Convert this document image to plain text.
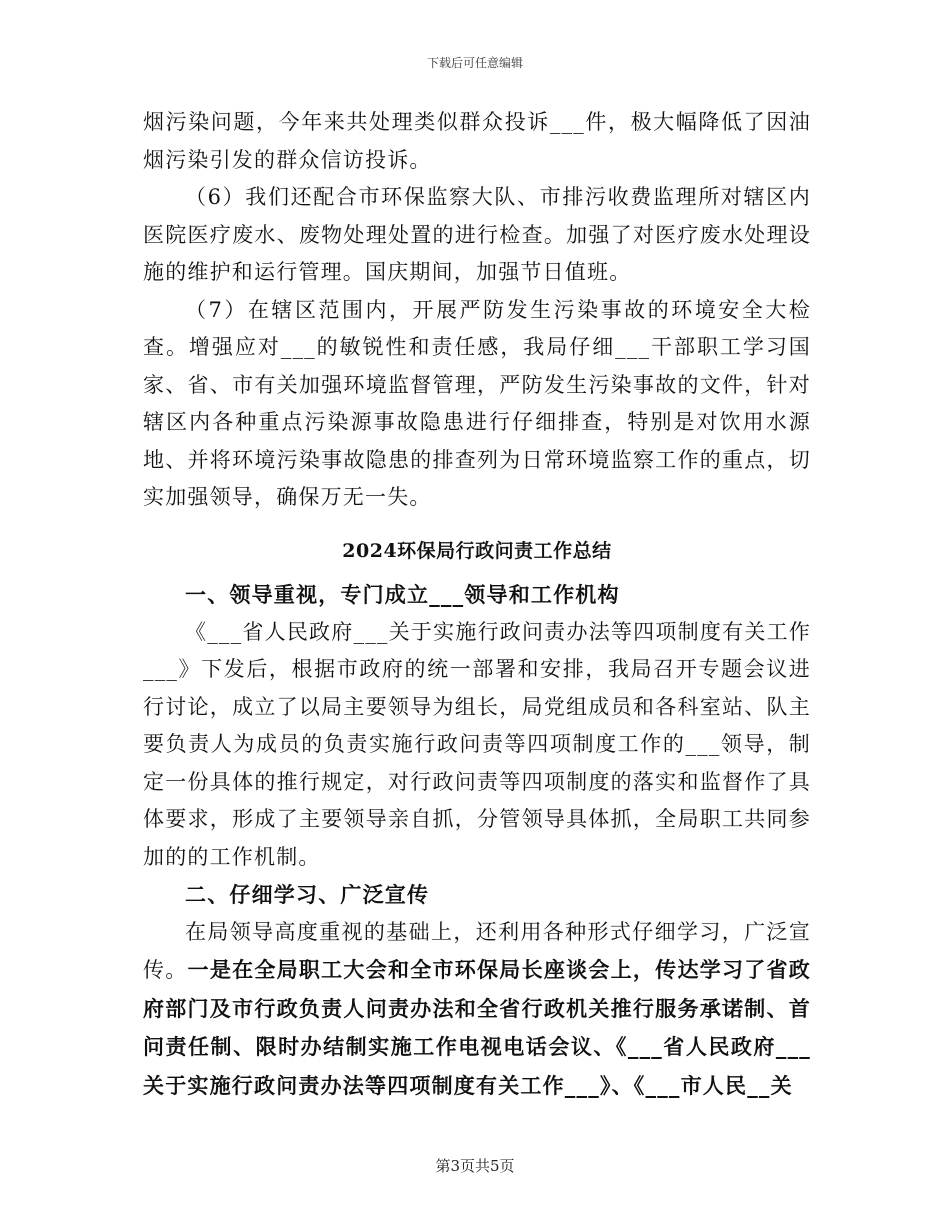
下载后可任意编辑

烟污染问题，今年来共处理类似群众投诉___件，极大幅降低了因油烟污染引发的群众信访投诉。

（6）我们还配合市环保监察大队、市排污收费监理所对辖区内医院医疗废水、废物处理处置的进行检查。加强了对医疗废水处理设施的维护和运行管理。国庆期间，加强节日值班。

（7）在辖区范围内，开展严防发生污染事故的环境安全大检查。增强应对___的敏锐性和责任感，我局仔细___干部职工学习国家、省、市有关加强环境监督管理，严防发生污染事故的文件，针对辖区内各种重点污染源事故隐患进行仔细排查，特别是对饮用水源地、并将环境污染事故隐患的排查列为日常环境监察工作的重点，切实加强领导，确保万无一失。

2024环保局行政问责工作总结

一、领导重视，专门成立___领导和工作机构

《___省人民政府___关于实施行政问责办法等四项制度有关工作___》下发后，根据市政府的统一部署和安排，我局召开专题会议进行讨论，成立了以局主要领导为组长，局党组成员和各科室站、队主要负责人为成员的负责实施行政问责等四项制度工作的___领导，制定一份具体的推行规定，对行政问责等四项制度的落实和监督作了具体要求，形成了主要领导亲自抓，分管领导具体抓，全局职工共同参加的的工作机制。

二、仔细学习、广泛宣传

在局领导高度重视的基础上，还利用各种形式仔细学习，广泛宣传。一是在全局职工大会和全市环保局长座谈会上，传达学习了省政府部门及市行政负责人问责办法和全省行政机关推行服务承诺制、首问责任制、限时办结制实施工作电视电话会议、《___省人民政府___关于实施行政问责办法等四项制度有关工作___》、《___市人民__关

第3页共5页
